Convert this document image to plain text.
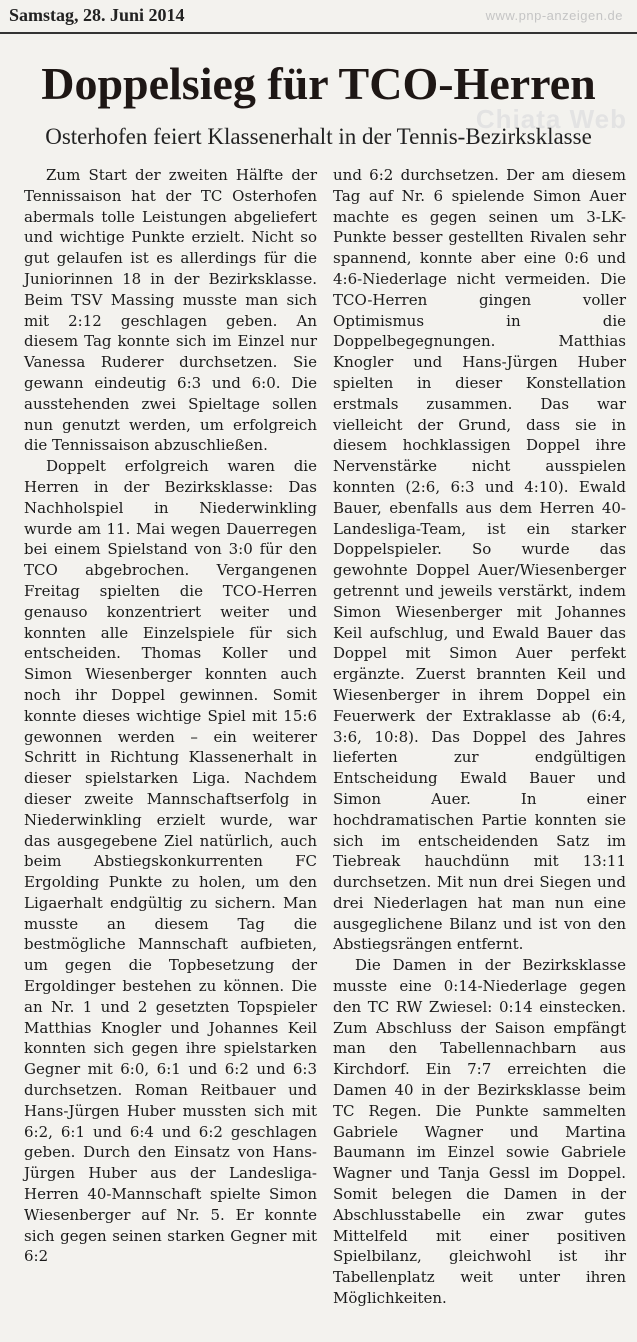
Samstag, 28. Juni 2014	www.pnp-anzeigen.de
Chiata Web
Doppelsieg für TCO-Herren
Osterhofen feiert Klassenerhalt in der Tennis-Bezirksklasse

Zum Start der zweiten Hälfte der Tennissaison hat der TC Osterhofen abermals tolle Leistungen abgeliefert und wichtige Punkte erzielt. Nicht so gut gelaufen ist es allerdings für die Juniorinnen 18 in der Bezirksklasse. Beim TSV Massing musste man sich mit 2:12 geschlagen geben. An diesem Tag konnte sich im Einzel nur Vanessa Ruderer durchsetzen. Sie gewann eindeutig 6:3 und 6:0. Die ausstehenden zwei Spieltage sollen nun genutzt werden, um erfolgreich die Tennissaison abzuschließen.

Doppelt erfolgreich waren die Herren in der Bezirksklasse: Das Nachholspiel in Niederwinkling wurde am 11. Mai wegen Dauerregen bei einem Spielstand von 3:0 für den TCO abgebrochen. Vergangenen Freitag spielten die TCO-Herren genauso konzentriert weiter und konnten alle Einzelspiele für sich entscheiden. Thomas Koller und Simon Wiesenberger konnten auch noch ihr Doppel gewinnen. Somit konnte dieses wichtige Spiel mit 15:6 gewonnen werden – ein weiterer Schritt in Richtung Klassenerhalt in dieser spielstarken Liga. Nachdem dieser zweite Mannschaftserfolg in Niederwinkling erzielt wurde, war das ausgegebene Ziel natürlich, auch beim Abstiegskonkurrenten FC Ergolding Punkte zu holen, um den Ligaerhalt endgültig zu sichern. Man musste an diesem Tag die bestmögliche Mannschaft aufbieten, um gegen die Topbesetzung der Ergoldinger bestehen zu können. Die an Nr. 1 und 2 gesetzten Topspieler Matthias Knogler und Johannes Keil konnten sich gegen ihre spielstarken Gegner mit 6:0, 6:1 und 6:2 und 6:3 durchsetzen. Roman Reitbauer und Hans-Jürgen Huber mussten sich mit 6:2, 6:1 und 6:4 und 6:2 geschlagen geben. Durch den Einsatz von Hans-Jürgen Huber aus der Landesliga-Herren 40-Mannschaft spielte Simon Wiesenberger auf Nr. 5. Er konnte sich gegen seinen starken Gegner mit 6:2

und 6:2 durchsetzen. Der am diesem Tag auf Nr. 6 spielende Simon Auer machte es gegen seinen um 3-LK-Punkte besser gestellten Rivalen sehr spannend, konnte aber eine 0:6 und 4:6-Niederlage nicht vermeiden. Die TCO-Herren gingen voller Optimismus in die Doppelbegegnungen. Matthias Knogler und Hans-Jürgen Huber spielten in dieser Konstellation erstmals zusammen. Das war vielleicht der Grund, dass sie in diesem hochklassigen Doppel ihre Nervenstärke nicht ausspielen konnten (2:6, 6:3 und 4:10). Ewald Bauer, ebenfalls aus dem Herren 40-Landesliga-Team, ist ein starker Doppelspieler. So wurde das gewohnte Doppel Auer/Wiesenberger getrennt und jeweils verstärkt, indem Simon Wiesenberger mit Johannes Keil aufschlug, und Ewald Bauer das Doppel mit Simon Auer perfekt ergänzte. Zuerst brannten Keil und Wiesenberger in ihrem Doppel ein Feuerwerk der Extraklasse ab (6:4, 3:6, 10:8). Das Doppel des Jahres lieferten zur endgültigen Entscheidung Ewald Bauer und Simon Auer. In einer hochdramatischen Partie konnten sie sich im entscheidenden Satz im Tiebreak hauchdünn mit 13:11 durchsetzen. Mit nun drei Siegen und drei Niederlagen hat man nun eine ausgeglichene Bilanz und ist von den Abstiegsrängen entfernt.

Die Damen in der Bezirksklasse musste eine 0:14-Niederlage gegen den TC RW Zwiesel: 0:14 einstecken. Zum Abschluss der Saison empfängt man den Tabellennachbarn aus Kirchdorf. Ein 7:7 erreichten die Damen 40 in der Bezirksklasse beim TC Regen. Die Punkte sammelten Gabriele Wagner und Martina Baumann im Einzel sowie Gabriele Wagner und Tanja Gessl im Doppel. Somit belegen die Damen in der Abschlusstabelle ein zwar gutes Mittelfeld mit einer positiven Spielbilanz, gleichwohl ist ihr Tabellenplatz weit unter ihren Möglichkeiten.
